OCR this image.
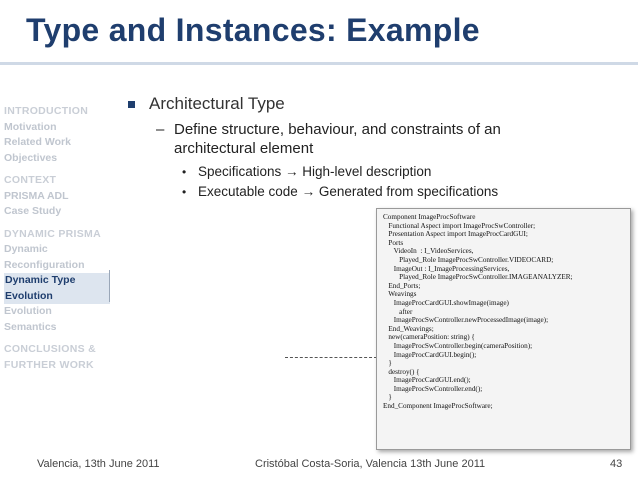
Type and Instances: Example
INTRODUCTION
Motivation
Related Work
Objectives
CONTEXT
PRISMA ADL
Case Study
DYNAMIC PRISMA
Dynamic
Reconfiguration
Dynamic Type
Evolution
Evolution
Semantics
CONCLUSIONS &
FURTHER WORK
Architectural Type
– Define structure, behaviour, and constraints of an
architectural element
• Specifications → High-level description
• Executable code → Generated from specifications
Component ImageProcSoftware
Functional Aspect import ImageProcSwController;
Presentation Aspect import ImageProcCardGUI;
Ports
VideoIn  : I_VideoServices,
Played_Role ImageProcSwController.VIDEOCARD;
ImageOut : I_ImageProcessingServices,
Played_Role ImageProcSwController.IMAGEANALYZER;
End_Ports;
Weavings
ImageProcCardGUI.showImage(image)
after
ImageProcSwController.newProcessedImage(image);
End_Weavings;
new(cameraPosition: string) {
ImageProcSwController.begin(cameraPosition);
ImageProcCardGUI.begin();
}
destroy() {
ImageProcCardGUI.end();
ImageProcSwController.end();
}
End_Component ImageProcSoftware;
Valencia, 13th June 2011	Cristóbal Costa-Soria, Valencia 13th June 2011	43
